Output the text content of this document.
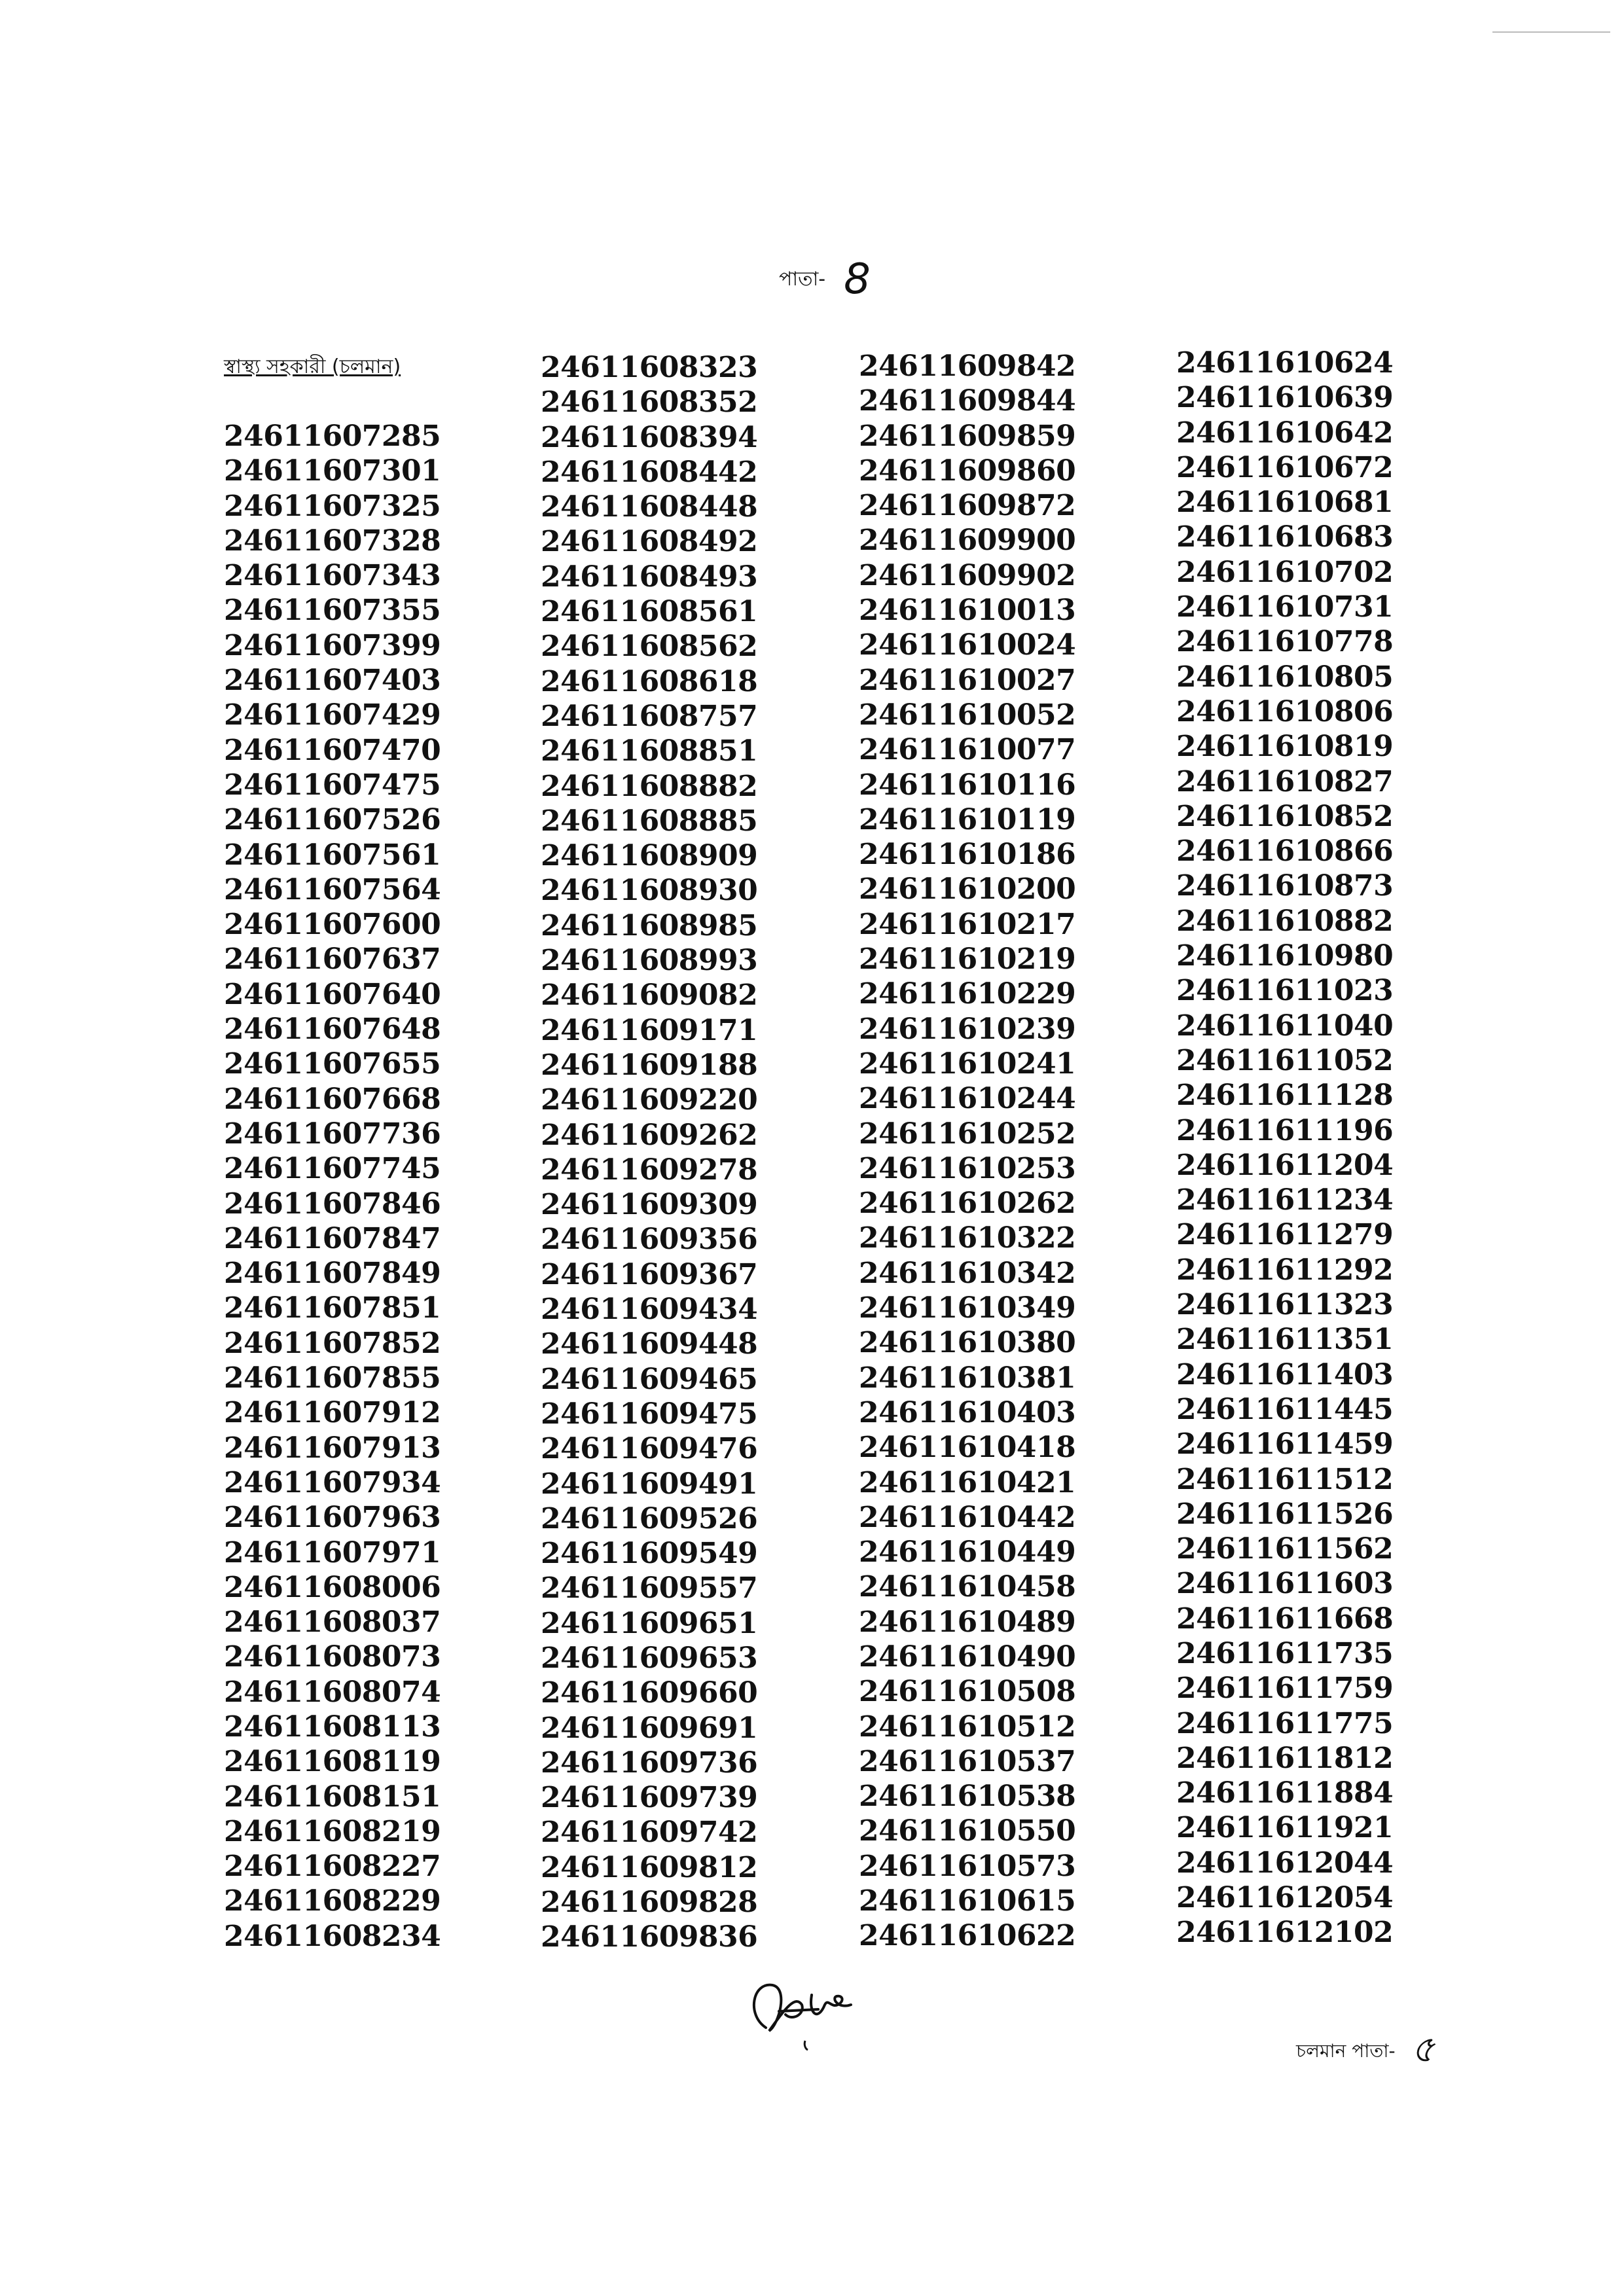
পাতা- 8
স্বাস্থ্য সহকারী (চলমান)
24611607285
24611607301
24611607325
24611607328
24611607343
24611607355
24611607399
24611607403
24611607429
24611607470
24611607475
24611607526
24611607561
24611607564
24611607600
24611607637
24611607640
24611607648
24611607655
24611607668
24611607736
24611607745
24611607846
24611607847
24611607849
24611607851
24611607852
24611607855
24611607912
24611607913
24611607934
24611607963
24611607971
24611608006
24611608037
24611608073
24611608074
24611608113
24611608119
24611608151
24611608219
24611608227
24611608229
24611608234
24611608323
24611608352
24611608394
24611608442
24611608448
24611608492
24611608493
24611608561
24611608562
24611608618
24611608757
24611608851
24611608882
24611608885
24611608909
24611608930
24611608985
24611608993
24611609082
24611609171
24611609188
24611609220
24611609262
24611609278
24611609309
24611609356
24611609367
24611609434
24611609448
24611609465
24611609475
24611609476
24611609491
24611609526
24611609549
24611609557
24611609651
24611609653
24611609660
24611609691
24611609736
24611609739
24611609742
24611609812
24611609828
24611609836
24611609842
24611609844
24611609859
24611609860
24611609872
24611609900
24611609902
24611610013
24611610024
24611610027
24611610052
24611610077
24611610116
24611610119
24611610186
24611610200
24611610217
24611610219
24611610229
24611610239
24611610241
24611610244
24611610252
24611610253
24611610262
24611610322
24611610342
24611610349
24611610380
24611610381
24611610403
24611610418
24611610421
24611610442
24611610449
24611610458
24611610489
24611610490
24611610508
24611610512
24611610537
24611610538
24611610550
24611610573
24611610615
24611610622
24611610624
24611610639
24611610642
24611610672
24611610681
24611610683
24611610702
24611610731
24611610778
24611610805
24611610806
24611610819
24611610827
24611610852
24611610866
24611610873
24611610882
24611610980
24611611023
24611611040
24611611052
24611611128
24611611196
24611611204
24611611234
24611611279
24611611292
24611611323
24611611351
24611611403
24611611445
24611611459
24611611512
24611611526
24611611562
24611611603
24611611668
24611611735
24611611759
24611611775
24611611812
24611611884
24611611921
24611612044
24611612054
24611612102
চলমান পাতা- ৫
